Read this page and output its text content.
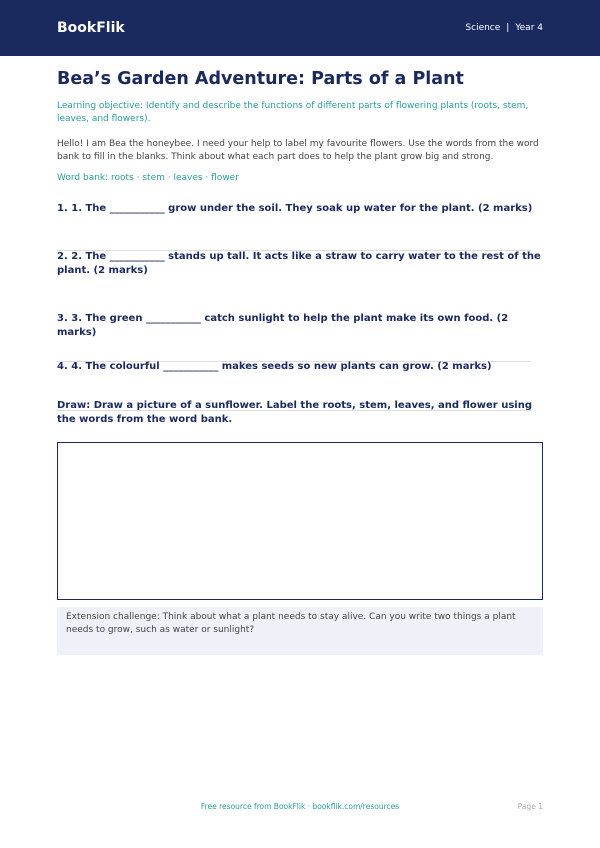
BookFlik	Science | Year 4
Bea’s Garden Adventure: Parts of a Plant
Learning objective: Identify and describe the functions of different parts of flowering plants (roots, stem, leaves, and flowers).
Hello! I am Bea the honeybee. I need your help to label my favourite flowers. Use the words from the word bank to fill in the blanks. Think about what each part does to help the plant grow big and strong.
Word bank: roots · stem · leaves · flower
1. 1. The ___________ grow under the soil. They soak up water for the plant. (2 marks)
2. 2. The ___________ stands up tall. It acts like a straw to carry water to the rest of the plant. (2 marks)
3. 3. The green ___________ catch sunlight to help the plant make its own food. (2 marks)
4. 4. The colourful ___________ makes seeds so new plants can grow. (2 marks)
Draw: Draw a picture of a sunflower. Label the roots, stem, leaves, and flower using the words from the word bank.
Extension challenge: Think about what a plant needs to stay alive. Can you write two things a plant needs to grow, such as water or sunlight?
Free resource from BookFlik · bookflik.com/resources	Page 1
